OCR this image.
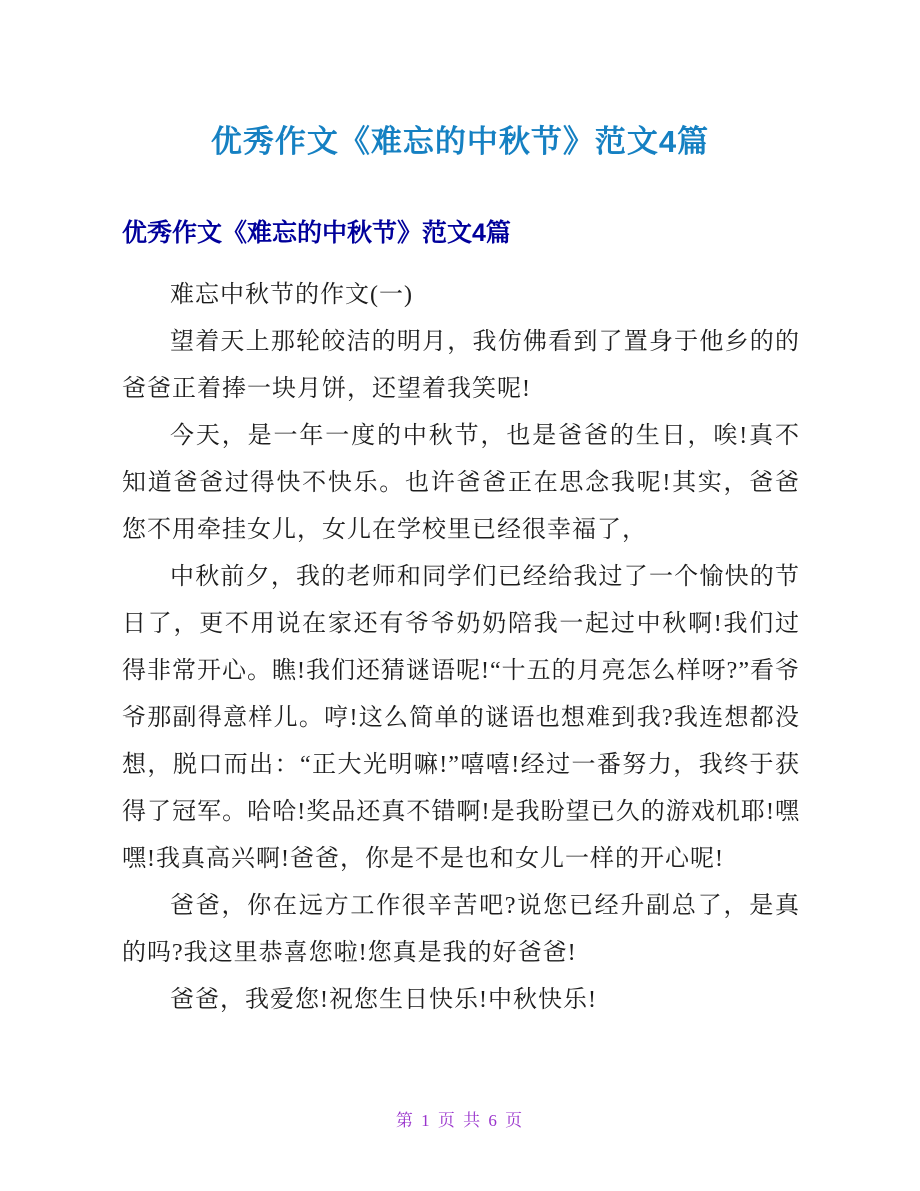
优秀作文《难忘的中秋节》范文4篇
优秀作文《难忘的中秋节》范文4篇

难忘中秋节的作文(一)

望着天上那轮皎洁的明月，我仿佛看到了置身于他乡的的爸爸正着捧一块月饼，还望着我笑呢!

今天，是一年一度的中秋节，也是爸爸的生日，唉!真不知道爸爸过得快不快乐。也许爸爸正在思念我呢!其实，爸爸您不用牵挂女儿，女儿在学校里已经很幸福了，

中秋前夕，我的老师和同学们已经给我过了一个愉快的节日了，更不用说在家还有爷爷奶奶陪我一起过中秋啊!我们过得非常开心。瞧!我们还猜谜语呢!“十五的月亮怎么样呀?”看爷爷那副得意样儿。哼!这么简单的谜语也想难到我?我连想都没想，脱口而出：“正大光明嘛!”嘻嘻!经过一番努力，我终于获得了冠军。哈哈!奖品还真不错啊!是我盼望已久的游戏机耶!嘿嘿!我真高兴啊!爸爸，你是不是也和女儿一样的开心呢!

爸爸，你在远方工作很辛苦吧?说您已经升副总了，是真的吗?我这里恭喜您啦!您真是我的好爸爸!

爸爸，我爱您!祝您生日快乐!中秋快乐!

第 1 页 共 6 页
